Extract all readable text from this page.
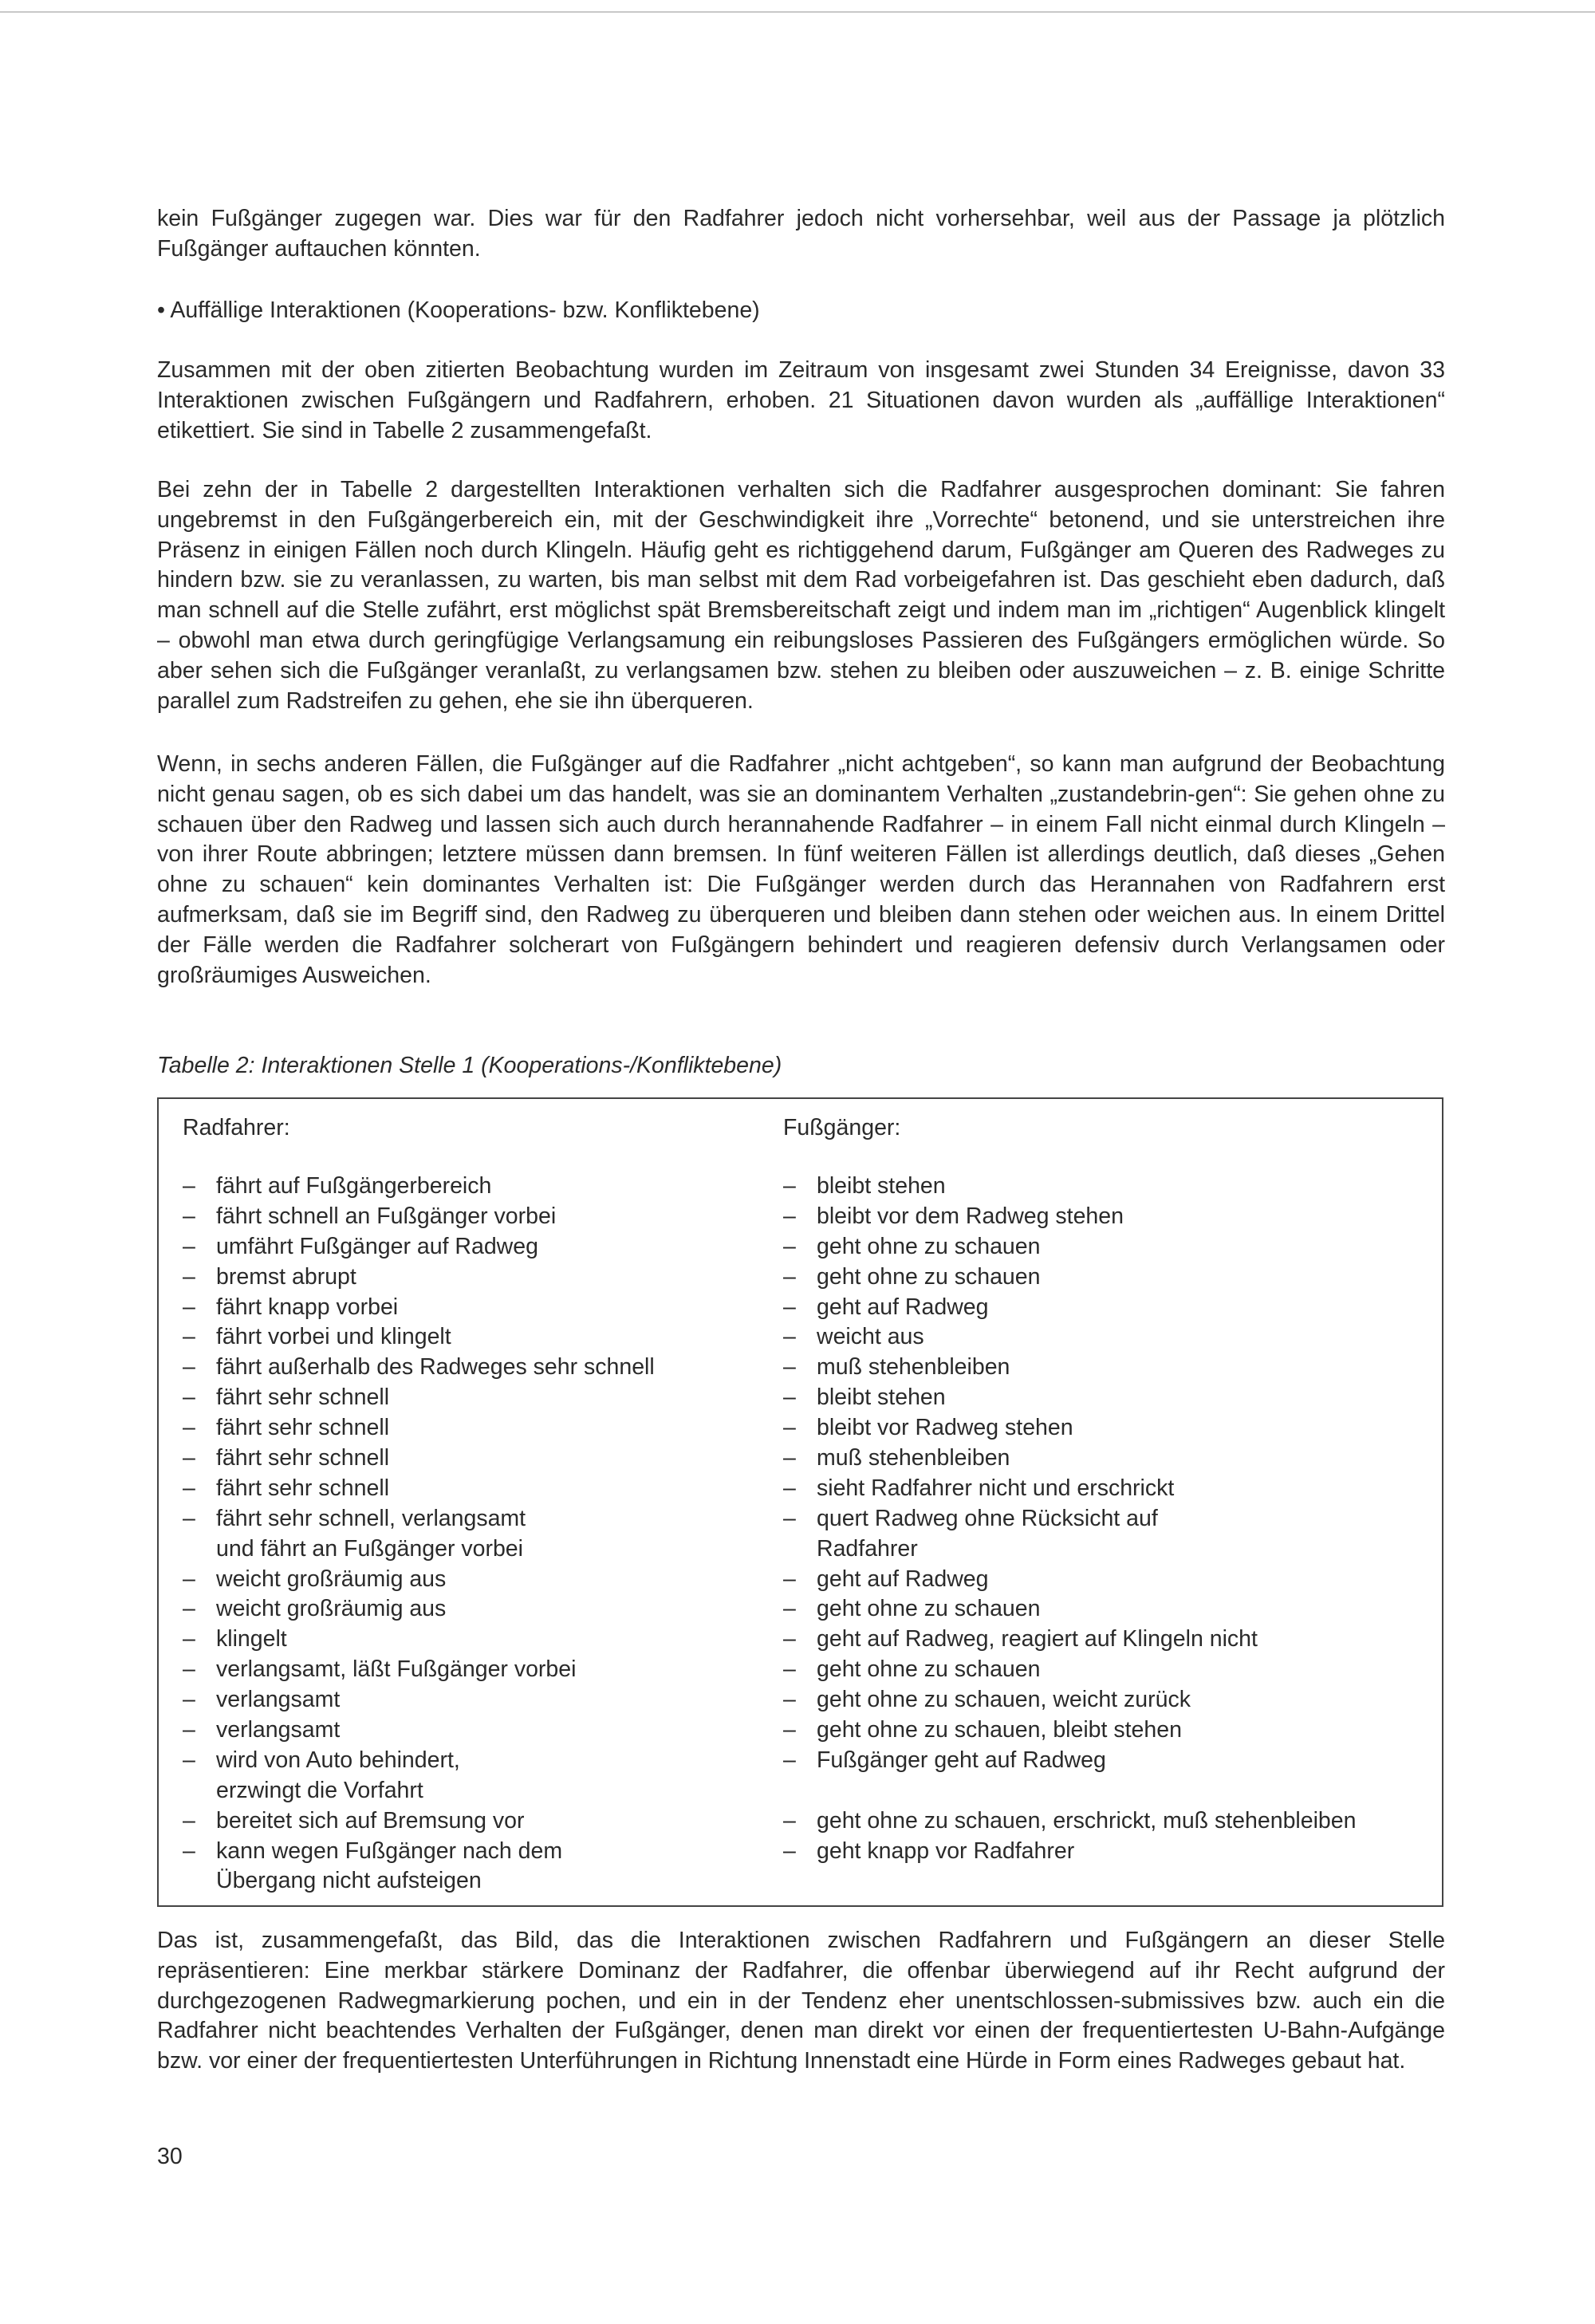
kein Fußgänger zugegen war. Dies war für den Radfahrer jedoch nicht vorhersehbar, weil aus der Passage ja plötzlich Fußgänger auftauchen könnten.

• Auffällige Interaktionen (Kooperations- bzw. Konfliktebene)

Zusammen mit der oben zitierten Beobachtung wurden im Zeitraum von insgesamt zwei Stunden 34 Ereignisse, davon 33 Interaktionen zwischen Fußgängern und Radfahrern, erhoben. 21 Situationen davon wurden als „auffällige Interaktionen“ etikettiert. Sie sind in Tabelle 2 zusammengefaßt.

Bei zehn der in Tabelle 2 dargestellten Interaktionen verhalten sich die Radfahrer ausgesprochen dominant: Sie fahren ungebremst in den Fußgängerbereich ein, mit der Geschwindigkeit ihre „Vorrechte“ betonend, und sie unterstreichen ihre Präsenz in einigen Fällen noch durch Klingeln. Häufig geht es richtiggehend darum, Fußgänger am Queren des Radweges zu hindern bzw. sie zu veranlassen, zu warten, bis man selbst mit dem Rad vorbeigefahren ist. Das geschieht eben dadurch, daß man schnell auf die Stelle zufährt, erst möglichst spät Bremsbereitschaft zeigt und indem man im „richtigen“ Augenblick klingelt – obwohl man etwa durch geringfügige Verlangsamung ein reibungsloses Passieren des Fußgängers ermöglichen würde. So aber sehen sich die Fußgänger veranlaßt, zu verlangsamen bzw. stehen zu bleiben oder auszuweichen – z. B. einige Schritte parallel zum Radstreifen zu gehen, ehe sie ihn überqueren.

Wenn, in sechs anderen Fällen, die Fußgänger auf die Radfahrer „nicht achtgeben“, so kann man aufgrund der Beobachtung nicht genau sagen, ob es sich dabei um das handelt, was sie an dominantem Verhalten „zustandebrin-gen“: Sie gehen ohne zu schauen über den Radweg und lassen sich auch durch herannahende Radfahrer – in einem Fall nicht einmal durch Klingeln – von ihrer Route abbringen; letztere müssen dann bremsen. In fünf weiteren Fällen ist allerdings deutlich, daß dieses „Gehen ohne zu schauen“ kein dominantes Verhalten ist: Die Fußgänger werden durch das Herannahen von Radfahrern erst aufmerksam, daß sie im Begriff sind, den Radweg zu überqueren und bleiben dann stehen oder weichen aus. In einem Drittel der Fälle werden die Radfahrer solcherart von Fußgängern behindert und reagieren defensiv durch Verlangsamen oder großräumiges Ausweichen.

Tabelle 2: Interaktionen Stelle 1 (Kooperations-/Konfliktebene)
Radfahrer:
– fährt auf Fußgängerbereich
– fährt schnell an Fußgänger vorbei
– umfährt Fußgänger auf Radweg
– bremst abrupt
– fährt knapp vorbei
– fährt vorbei und klingelt
– fährt außerhalb des Radweges sehr schnell
– fährt sehr schnell
– fährt sehr schnell
– fährt sehr schnell
– fährt sehr schnell
– fährt sehr schnell, verlangsamt
und fährt an Fußgänger vorbei
– weicht großräumig aus
– weicht großräumig aus
– klingelt
– verlangsamt, läßt Fußgänger vorbei
– verlangsamt
– verlangsamt
– wird von Auto behindert,
erzwingt die Vorfahrt
– bereitet sich auf Bremsung vor
– kann wegen Fußgänger nach dem
Übergang nicht aufsteigen
Fußgänger:
– bleibt stehen
– bleibt vor dem Radweg stehen
– geht ohne zu schauen
– geht ohne zu schauen
– geht auf Radweg
– weicht aus
– muß stehenbleiben
– bleibt stehen
– bleibt vor Radweg stehen
– muß stehenbleiben
– sieht Radfahrer nicht und erschrickt
– quert Radweg ohne Rücksicht auf
Radfahrer
– geht auf Radweg
– geht ohne zu schauen
– geht auf Radweg, reagiert auf Klingeln nicht
– geht ohne zu schauen
– geht ohne zu schauen, weicht zurück
– geht ohne zu schauen, bleibt stehen
– Fußgänger geht auf Radweg
– geht ohne zu schauen, erschrickt, muß stehenbleiben
– geht knapp vor Radfahrer

Das ist, zusammengefaßt, das Bild, das die Interaktionen zwischen Radfahrern und Fußgängern an dieser Stelle repräsentieren: Eine merkbar stärkere Dominanz der Radfahrer, die offenbar überwiegend auf ihr Recht aufgrund der durchgezogenen Radwegmarkierung pochen, und ein in der Tendenz eher unentschlossen-submissives bzw. auch ein die Radfahrer nicht beachtendes Verhalten der Fußgänger, denen man direkt vor einen der frequentiertesten U-Bahn-Aufgänge bzw. vor einer der frequentiertesten Unterführungen in Richtung Innenstadt eine Hürde in Form eines Radweges gebaut hat.

30
